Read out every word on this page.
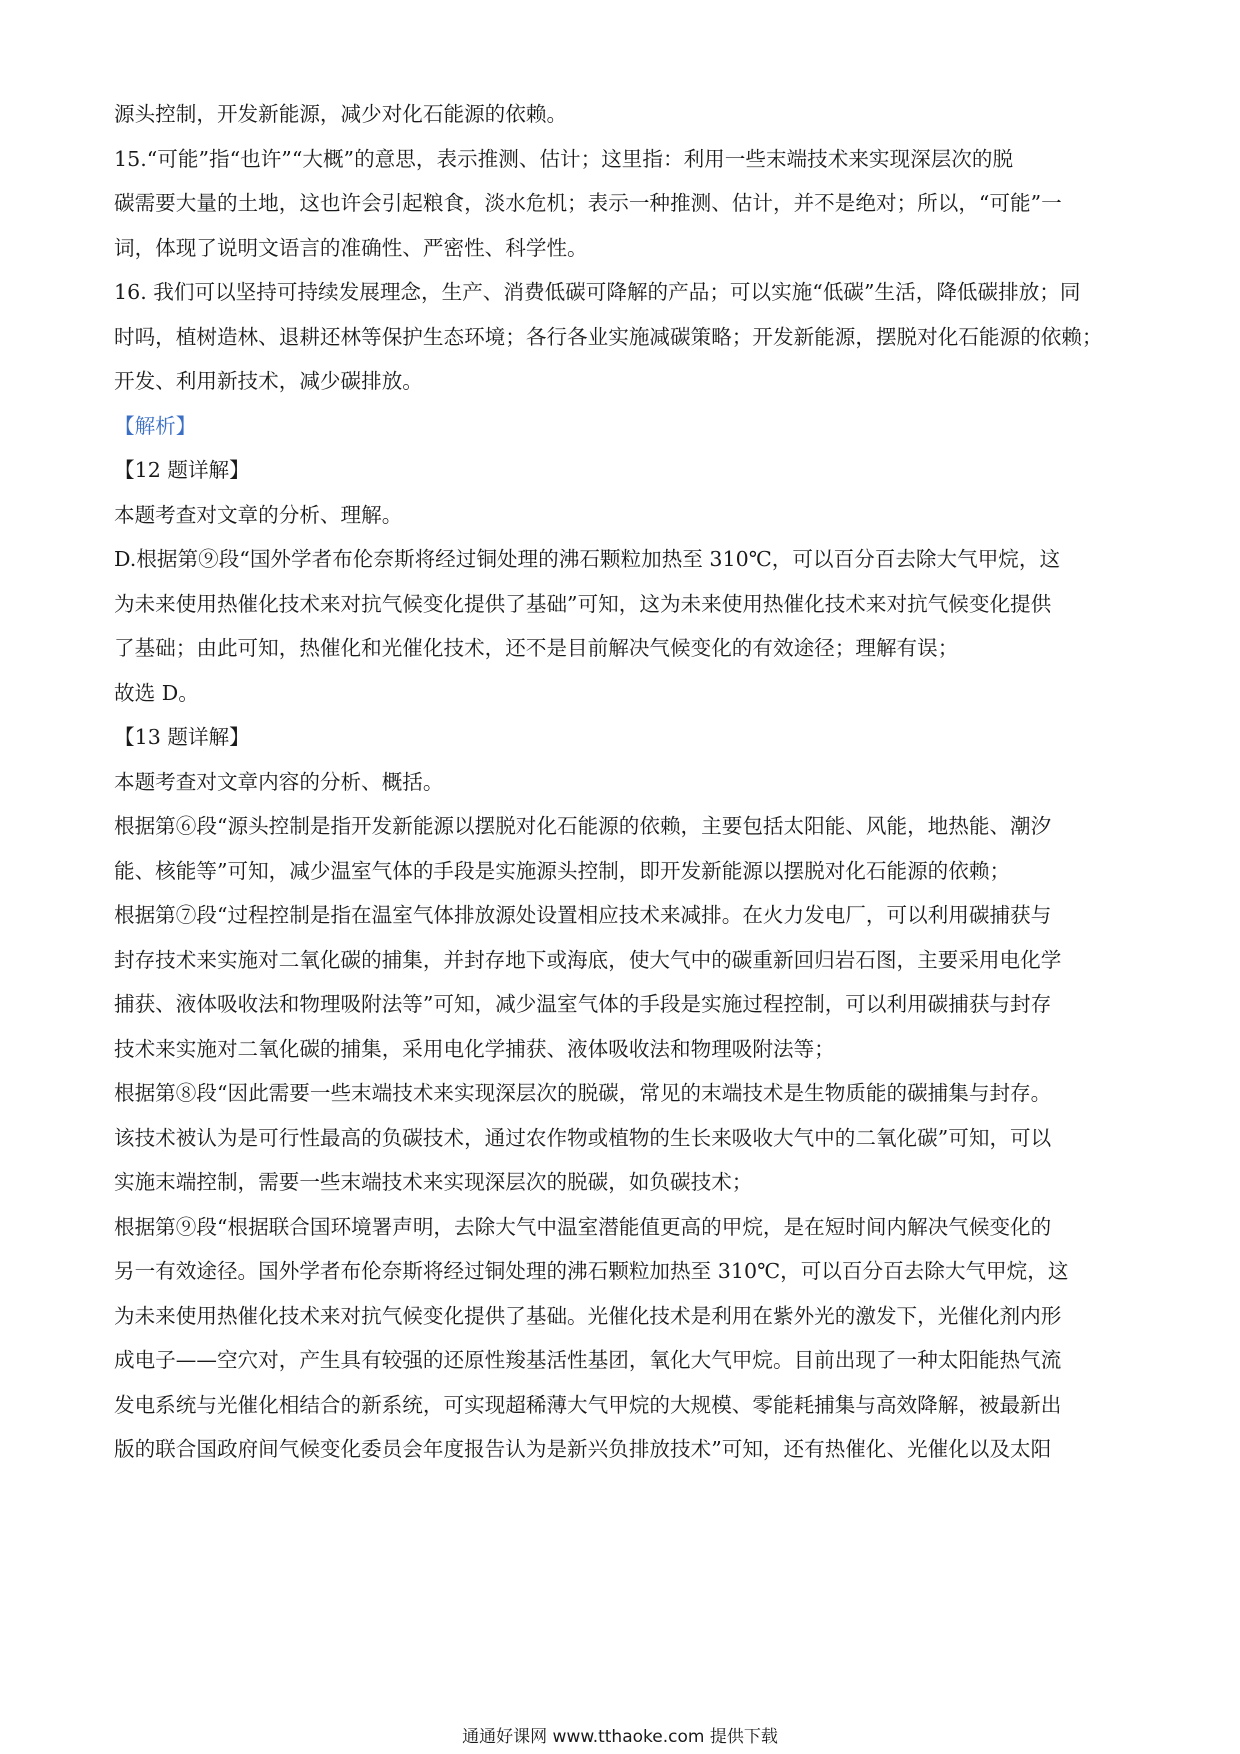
源头控制，开发新能源，减少对化石能源的依赖。

15.“可能”指“也许”“大概”的意思，表示推测、估计；这里指：利用一些末端技术来实现深层次的脱

碳需要大量的土地，这也许会引起粮食，淡水危机；表示一种推测、估计，并不是绝对；所以，“可能”一

词，体现了说明文语言的准确性、严密性、科学性。

16. 我们可以坚持可持续发展理念，生产、消费低碳可降解的产品；可以实施“低碳”生活，降低碳排放；同

时吗，植树造林、退耕还林等保护生态环境；各行各业实施减碳策略；开发新能源，摆脱对化石能源的依赖；

开发、利用新技术，减少碳排放。

【解析】

【12 题详解】

本题考查对文章的分析、理解。

D.根据第⑨段“国外学者布伦奈斯将经过铜处理的沸石颗粒加热至 310℃，可以百分百去除大气甲烷，这

为未来使用热催化技术来对抗气候变化提供了基础”可知，这为未来使用热催化技术来对抗气候变化提供

了基础；由此可知，热催化和光催化技术，还不是目前解决气候变化的有效途径；理解有误；

故选 D。

【13 题详解】

本题考查对文章内容的分析、概括。

根据第⑥段“源头控制是指开发新能源以摆脱对化石能源的依赖，主要包括太阳能、风能，地热能、潮汐

能、核能等”可知，减少温室气体的手段是实施源头控制，即开发新能源以摆脱对化石能源的依赖；

根据第⑦段“过程控制是指在温室气体排放源处设置相应技术来减排。在火力发电厂，可以利用碳捕获与

封存技术来实施对二氧化碳的捕集，并封存地下或海底，使大气中的碳重新回归岩石图，主要采用电化学

捕获、液体吸收法和物理吸附法等”可知，减少温室气体的手段是实施过程控制，可以利用碳捕获与封存

技术来实施对二氧化碳的捕集，采用电化学捕获、液体吸收法和物理吸附法等；

根据第⑧段“因此需要一些末端技术来实现深层次的脱碳，常见的末端技术是生物质能的碳捕集与封存。

该技术被认为是可行性最高的负碳技术，通过农作物或植物的生长来吸收大气中的二氧化碳”可知，可以

实施末端控制，需要一些末端技术来实现深层次的脱碳，如负碳技术；

根据第⑨段“根据联合国环境署声明，去除大气中温室潜能值更高的甲烷，是在短时间内解决气候变化的

另一有效途径。国外学者布伦奈斯将经过铜处理的沸石颗粒加热至 310℃，可以百分百去除大气甲烷，这

为未来使用热催化技术来对抗气候变化提供了基础。光催化技术是利用在紫外光的激发下，光催化剂内形

成电子——空穴对，产生具有较强的还原性羧基活性基团，氧化大气甲烷。目前出现了一种太阳能热气流

发电系统与光催化相结合的新系统，可实现超稀薄大气甲烷的大规模、零能耗捕集与高效降解，被最新出

版的联合国政府间气候变化委员会年度报告认为是新兴负排放技术”可知，还有热催化、光催化以及太阳

通通好课网 www.tthaoke.com 提供下载
